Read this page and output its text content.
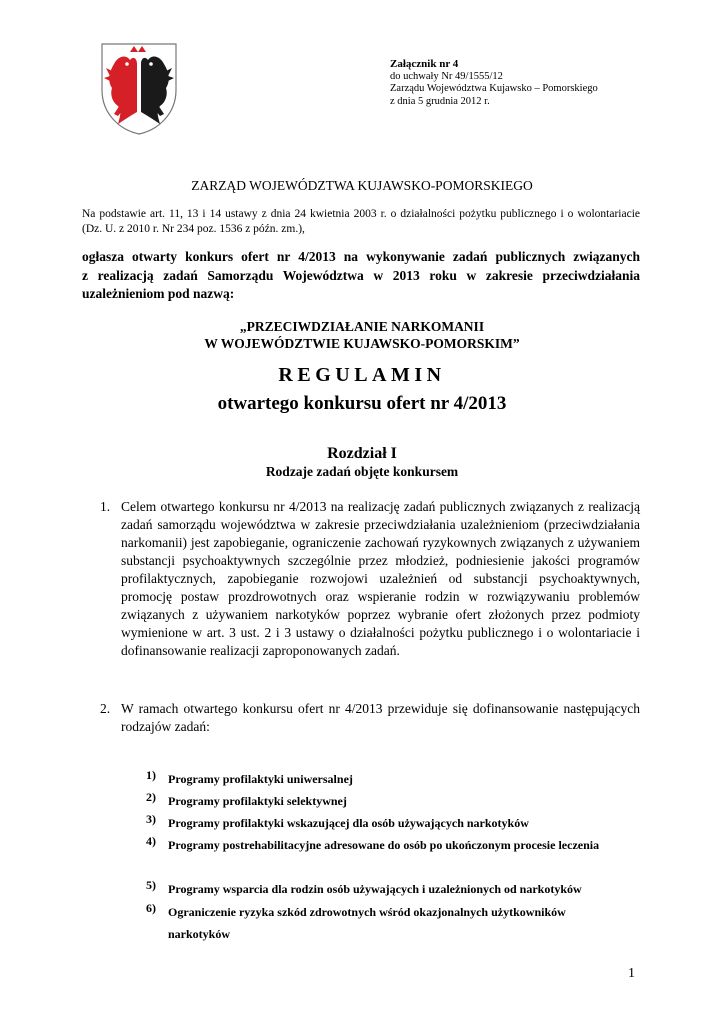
Załącznik nr 4
do uchwały Nr 49/1555/12
Zarządu Województwa Kujawsko – Pomorskiego
z dnia 5 grudnia 2012 r.
ZARZĄD WOJEWÓDZTWA KUJAWSKO-POMORSKIEGO
Na podstawie art. 11, 13 i 14 ustawy z dnia 24 kwietnia 2003 r. o działalności pożytku publicznego i o wolontariacie (Dz. U. z 2010 r. Nr 234 poz. 1536 z późn. zm.),
ogłasza otwarty konkurs ofert nr 4/2013 na wykonywanie zadań publicznych związanych
z realizacją zadań Samorządu Województwa w 2013 roku w zakresie przeciwdziałania
uzależnieniom pod nazwą:
„PRZECIWDZIAŁANIE NARKOMANII
W WOJEWÓDZTWIE KUJAWSKO-POMORSKIM”
REGULAMIN
otwartego konkursu ofert nr 4/2013
Rozdział I
Rodzaje zadań objęte konkursem
1. Celem otwartego konkursu nr 4/2013 na realizację zadań publicznych związanych z realizacją zadań samorządu województwa w zakresie przeciwdziałania uzależnieniom (przeciwdziałania narkomanii) jest zapobieganie, ograniczenie zachowań ryzykownych związanych z używaniem substancji psychoaktywnych szczególnie przez młodzież, podniesienie jakości programów profilaktycznych, zapobieganie rozwojowi uzależnień od substancji psychoaktywnych, promocję postaw prozdrowotnych oraz wspieranie rodzin w rozwiązywaniu problemów związanych z używaniem narkotyków poprzez wybranie ofert złożonych przez podmioty wymienione w art. 3 ust. 2 i 3 ustawy o działalności pożytku publicznego i o wolontariacie i dofinansowanie realizacji zaproponowanych zadań.
2. W ramach otwartego konkursu ofert nr 4/2013 przewiduje się dofinansowanie następujących rodzajów zadań:
1) Programy profilaktyki uniwersalnej
2) Programy profilaktyki selektywnej
3) Programy profilaktyki wskazującej dla osób używających narkotyków
4) Programy postrehabilitacyjne adresowane do osób po ukończonym procesie leczenia
5) Programy wsparcia dla rodzin osób używających i uzależnionych od narkotyków
6) Ograniczenie ryzyka szkód zdrowotnych wśród okazjonalnych użytkowników narkotyków
1
